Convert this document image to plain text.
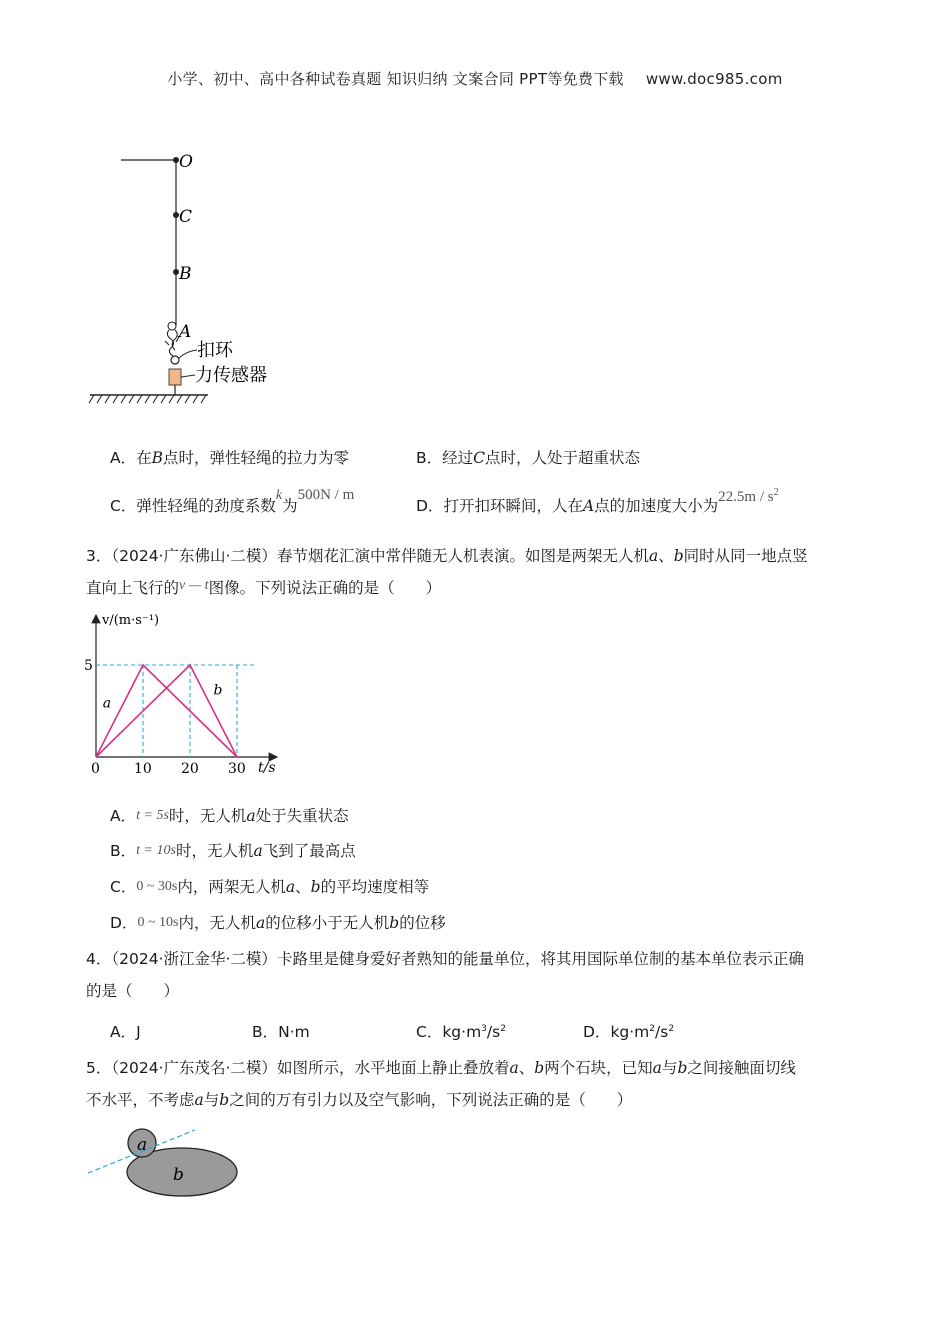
小学、初中、高中各种试卷真题 知识归纳 文案合同 PPT等免费下载 www.doc985.com
O
C
B
A
扣环
力传感器
A．在B点时，弹性轻绳的拉力为零	B．经过C点时，人处于超重状态
C．弹性轻绳的劲度系数k为500N / m
D．打开扣环瞬间，人在A点的加速度大小为$22.5m / s^2$
3．（2024·广东佛山·二模）春节烟花汇演中常伴随无人机表演。如图是两架无人机a、b同时从同一地点竖
直向上飞行的v — t图像。下列说法正确的是（　　）
a
b
0 10 20 30
5
v/(m·s⁻¹)
t/s
A．t = 5s时，无人机a处于失重状态
B．t = 10s时，无人机a飞到了最高点
C．0 ~ 30s内，两架无人机a、b的平均速度相等
D．0 ~ 10s内，无人机a的位移小于无人机b的位移
4．（2024·浙江金华·二模）卡路里是健身爱好者熟知的能量单位，将其用国际单位制的基本单位表示正确
的是（　　）
A．J	B．N·m	C．$kg\cdot m^3/s^2$	D．$kg\cdot m^2/s^2$
5．（2024·广东茂名·二模）如图所示，水平地面上静止叠放着a、b两个石块，已知a与b之间接触面切线
不水平，不考虑a与b之间的万有引力以及空气影响，下列说法正确的是（　　）
a
b
